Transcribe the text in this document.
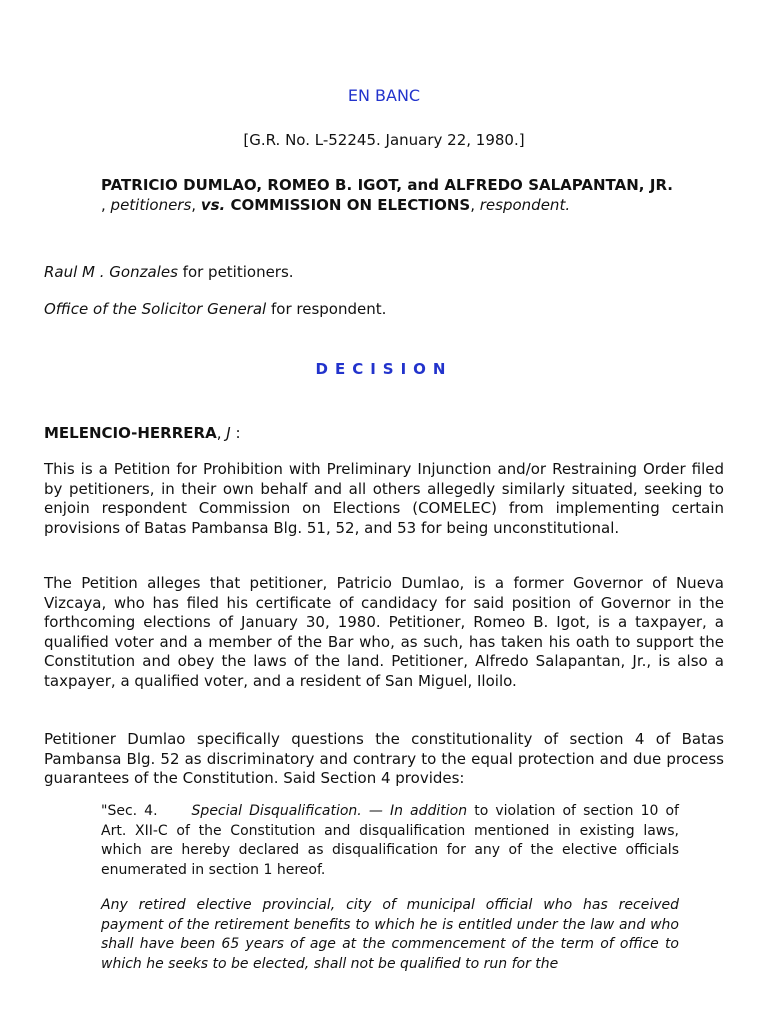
EN BANC
[G.R. No. L-52245. January 22, 1980.]
PATRICIO DUMLAO, ROMEO B. IGOT, and ALFREDO SALAPANTAN, JR. , petitioners, vs. COMMISSION ON ELECTIONS, respondent.
Raul M . Gonzales for petitioners.
Office of the Solicitor General for respondent.
DECISION
MELENCIO-HERRERA, J :

This is a Petition for Prohibition with Preliminary Injunction and/or Restraining Order filed by petitioners, in their own behalf and all others allegedly similarly situated, seeking to enjoin respondent Commission on Elections (COMELEC) from implementing certain provisions of Batas Pambansa Blg. 51, 52, and 53 for being unconstitutional.

The Petition alleges that petitioner, Patricio Dumlao, is a former Governor of Nueva Vizcaya, who has filed his certificate of candidacy for said position of Governor in the forthcoming elections of January 30, 1980. Petitioner, Romeo B. Igot, is a taxpayer, a qualified voter and a member of the Bar who, as such, has taken his oath to support the Constitution and obey the laws of the land. Petitioner, Alfredo Salapantan, Jr., is also a taxpayer, a qualified voter, and a resident of San Miguel, Iloilo.

Petitioner Dumlao specifically questions the constitutionality of section 4 of Batas Pambansa Blg. 52 as discriminatory and contrary to the equal protection and due process guarantees of the Constitution. Said Section 4 provides:

"Sec. 4. Special Disqualification. — In addition to violation of section 10 of Art. XII-C of the Constitution and disqualification mentioned in existing laws, which are hereby declared as disqualification for any of the elective officials enumerated in section 1 hereof.

Any retired elective provincial, city of municipal official who has received payment of the retirement benefits to which he is entitled under the law and who shall have been 65 years of age at the commencement of the term of office to which he seeks to be elected, shall not be qualified to run for the
